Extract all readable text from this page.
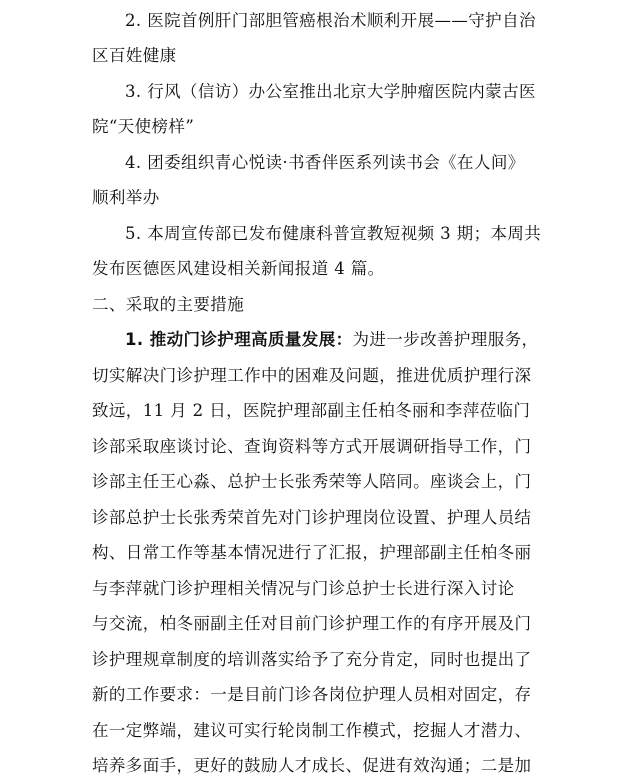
2. 医院首例肝门部胆管癌根治术顺利开展——守护自治
区百姓健康
3. 行风（信访）办公室推出北京大学肿瘤医院内蒙古医
院“天使榜样”
4. 团委组织青心悦读·书香伴医系列读书会《在人间》
顺利举办
5. 本周宣传部已发布健康科普宣教短视频 3 期；本周共
发布医德医风建设相关新闻报道 4 篇。
二、采取的主要措施
1. 推动门诊护理高质量发展：为进一步改善护理服务，
切实解决门诊护理工作中的困难及问题，推进优质护理行深
致远，11 月 2 日，医院护理部副主任柏冬丽和李萍莅临门
诊部采取座谈讨论、查询资料等方式开展调研指导工作，门
诊部主任王心淼、总护士长张秀荣等人陪同。座谈会上，门
诊部总护士长张秀荣首先对门诊护理岗位设置、护理人员结
构、日常工作等基本情况进行了汇报，护理部副主任柏冬丽
与李萍就门诊护理相关情况与门诊总护士长进行深入讨论
与交流，柏冬丽副主任对目前门诊护理工作的有序开展及门
诊护理规章制度的培训落实给予了充分肯定，同时也提出了
新的工作要求：一是目前门诊各岗位护理人员相对固定，存
在一定弊端，建议可实行轮岗制工作模式，挖掘人才潜力、
培养多面手，更好的鼓励人才成长、促进有效沟通；二是加
